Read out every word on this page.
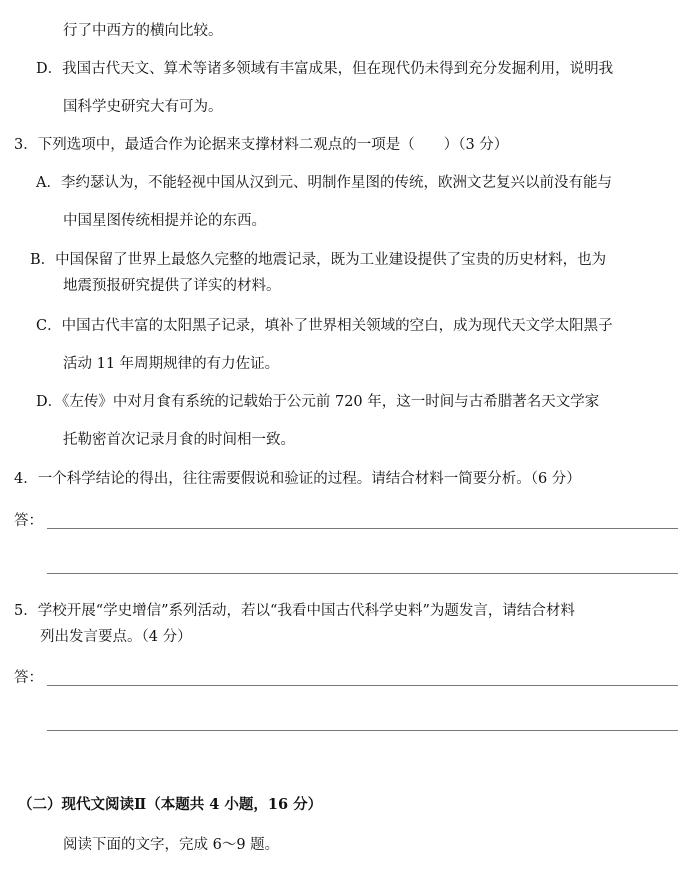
行了中西方的横向比较。
D．我国古代天文、算术等诸多领域有丰富成果，但在现代仍未得到充分发掘利用，说明我
国科学史研究大有可为。
3．下列选项中，最适合作为论据来支撑材料二观点的一项是（　　）（3 分）
A．李约瑟认为，不能轻视中国从汉到元、明制作星图的传统，欧洲文艺复兴以前没有能与
中国星图传统相提并论的东西。
B．中国保留了世界上最悠久完整的地震记录，既为工业建设提供了宝贵的历史材料，也为
地震预报研究提供了详实的材料。
C．中国古代丰富的太阳黑子记录，填补了世界相关领域的空白，成为现代天文学太阳黑子
活动 11 年周期规律的有力佐证。
D．《左传》中对月食有系统的记载始于公元前 720 年，这一时间与古希腊著名天文学家
托勒密首次记录月食的时间相一致。
4．一个科学结论的得出，往往需要假说和验证的过程。请结合材料一简要分析。（6 分）
答：
5．学校开展“学史增信”系列活动，若以“我看中国古代科学史料”为题发言，请结合材料
列出发言要点。（4 分）
答：
（二）现代文阅读Ⅱ（本题共 4 小题，16 分）
阅读下面的文字，完成 6～9 题。
